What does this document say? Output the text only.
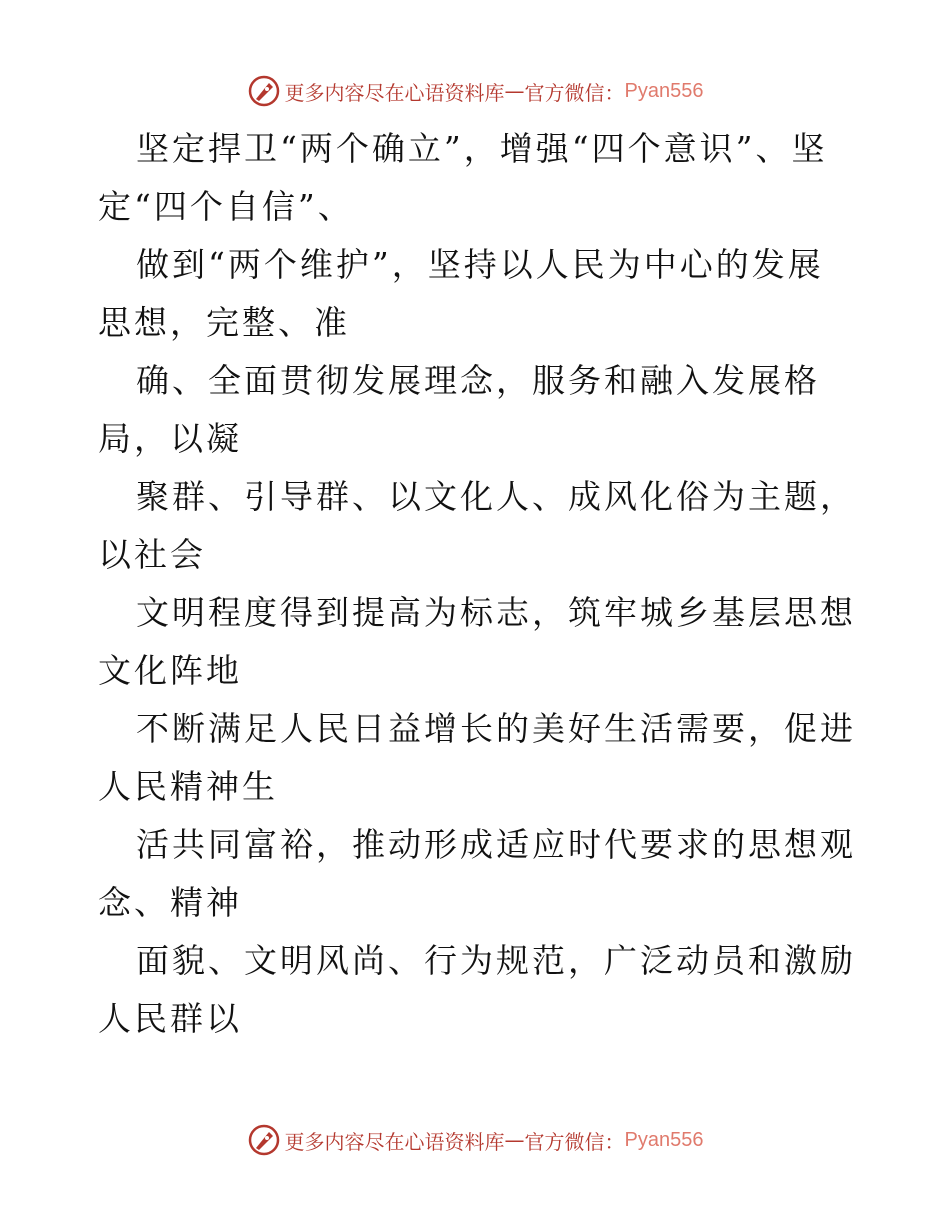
更多内容尽在心语资料库 — 官方微信： Pyan556

坚定捍卫“两个确立”，增强“四个意识”、坚定“四个自信”、

做到“两个维护”，坚持以人民为中心的发展思想，完整、准

确、全面贯彻发展理念，服务和融入发展格局，以凝

聚群、引导群、以文化人、成风化俗为主题，以社会

文明程度得到提高为标志，筑牢城乡基层思想文化阵地

不断满足人民日益增长的美好生活需要，促进人民精神生

活共同富裕，推动形成适应时代要求的思想观念、精神

面貌、文明风尚、行为规范，广泛动员和激励人民群以

更多内容尽在心语资料库 — 官方微信： Pyan556
